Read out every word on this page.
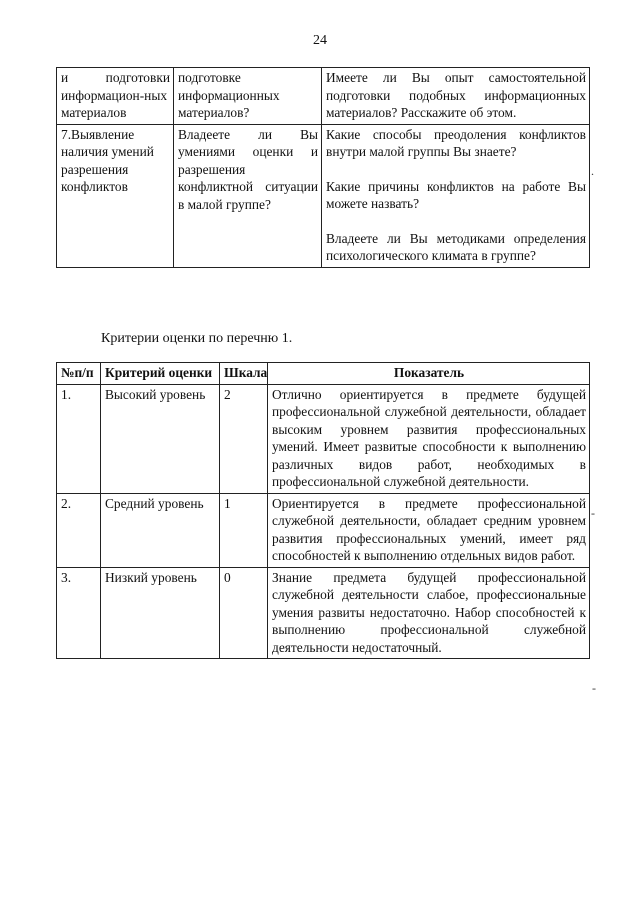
24
и подготовки информацион-ных материалов	подготовке информационных материалов?	Имеете ли Вы опыт самостоятельной подготовки подобных информационных материалов? Расскажите об этом.

7.Выявление наличия умений разрешения конфликтов	Владеете ли Вы умениями оценки и разрешения конфликтной ситуации в малой группе?	Какие способы преодоления конфликтов внутри малой группы Вы знаете?

Какие причины конфликтов на работе Вы можете назвать?

Владеете ли Вы методиками определения психологического климата в группе?

Критерии оценки по перечню 1.
№п/п	Критерий оценки	Шкала	Показатель
1.	Высокий уровень	2	Отлично ориентируется в предмете будущей профессиональной служебной деятельности, обладает высоким уровнем развития профессиональных умений. Имеет развитые способности к выполнению различных видов работ, необходимых в профессиональной служебной деятельности.
2.	Средний уровень	1	Ориентируется в предмете профессиональной служебной деятельности, обладает средним уровнем развития профессиональных умений, имеет ряд способностей к выполнению отдельных видов работ.
3.	Низкий уровень	0	Знание предмета будущей профессиональной служебной деятельности слабое, профессиональные умения развиты недостаточно. Набор способностей к выполнению профессиональной служебной деятельности недостаточный.
.
-
-
